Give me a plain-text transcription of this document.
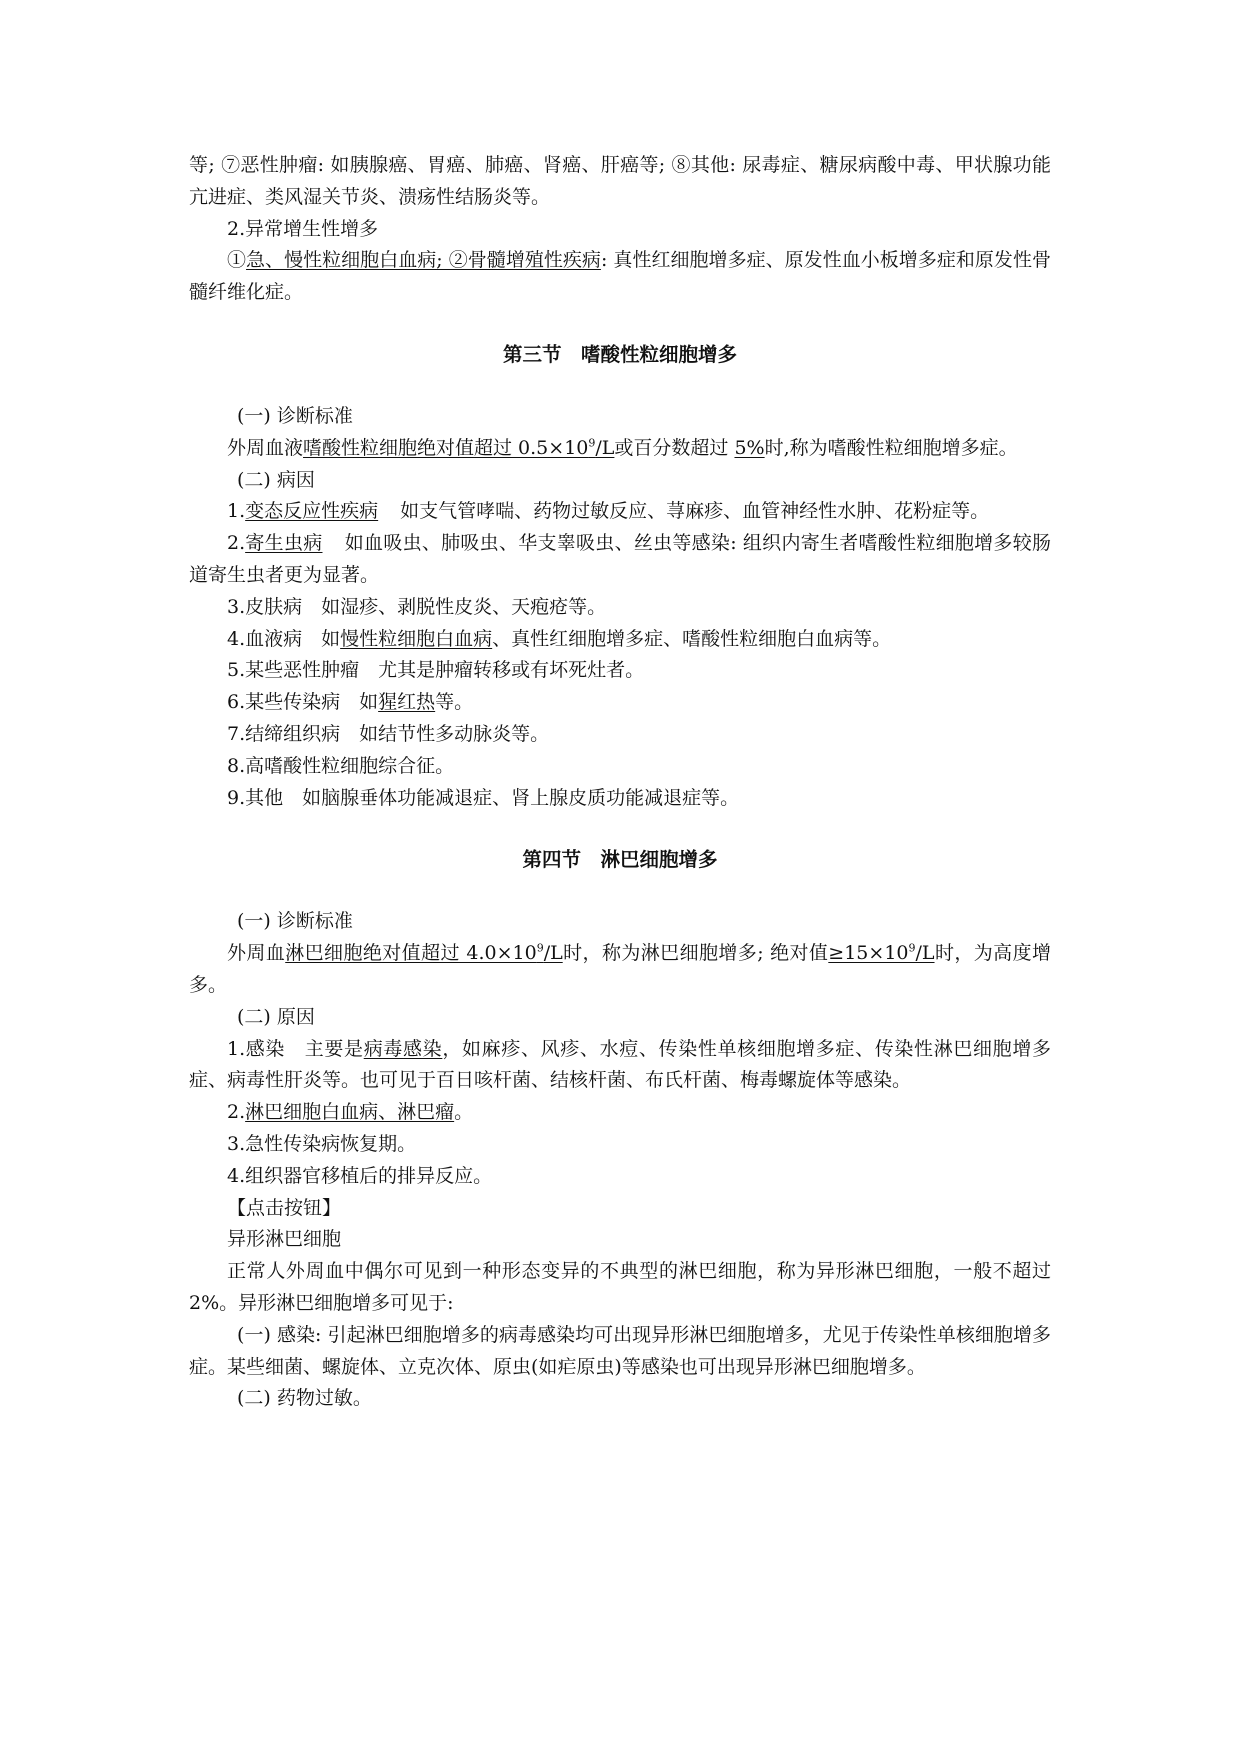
等; ⑦恶性肿瘤: 如胰腺癌、胃癌、肺癌、肾癌、肝癌等; ⑧其他: 尿毒症、糖尿病酸中毒、甲状腺功能亢进症、类风湿关节炎、溃疡性结肠炎等。

2.异常增生性增多

①急、慢性粒细胞白血病; ②骨髓增殖性疾病: 真性红细胞增多症、原发性血小板增多症和原发性骨髓纤维化症。

第三节　嗜酸性粒细胞增多

(一) 诊断标准

外周血液嗜酸性粒细胞绝对值超过 $0.5\times 10^9/L$或百分数超过 5%时,称为嗜酸性粒细胞增多症。

(二) 病因

1.变态反应性疾病 如支气管哮喘、药物过敏反应、荨麻疹、血管神经性水肿、花粉症等。

2.寄生虫病 如血吸虫、肺吸虫、华支睾吸虫、丝虫等感染: 组织内寄生者嗜酸性粒细胞增多较肠道寄生虫者更为显著。

3.皮肤病　如湿疹、剥脱性皮炎、天疱疮等。

4.血液病　如慢性粒细胞白血病、真性红细胞增多症、嗜酸性粒细胞白血病等。

5.某些恶性肿瘤　尤其是肿瘤转移或有坏死灶者。

6.某些传染病　如猩红热等。

7.结缔组织病　如结节性多动脉炎等。

8.高嗜酸性粒细胞综合征。

9.其他　如脑腺垂体功能减退症、肾上腺皮质功能减退症等。

第四节　淋巴细胞增多

(一) 诊断标准

外周血淋巴细胞绝对值超过 $4.0\times 10^9/L$时，称为淋巴细胞增多; 绝对值$\ge 15\times 10^9/L$时，为高度增多。

(二) 原因

1.感染　主要是病毒感染，如麻疹、风疹、水痘、传染性单核细胞增多症、传染性淋巴细胞增多症、病毒性肝炎等。也可见于百日咳杆菌、结核杆菌、布氏杆菌、梅毒螺旋体等感染。

2.淋巴细胞白血病、淋巴瘤。

3.急性传染病恢复期。

4.组织器官移植后的排异反应。

【点击按钮】

异形淋巴细胞

正常人外周血中偶尔可见到一种形态变异的不典型的淋巴细胞，称为异形淋巴细胞，一般不超过 2%。异形淋巴细胞增多可见于:

(一) 感染: 引起淋巴细胞增多的病毒感染均可出现异形淋巴细胞增多，尤见于传染性单核细胞增多症。某些细菌、螺旋体、立克次体、原虫(如疟原虫)等感染也可出现异形淋巴细胞增多。

(二) 药物过敏。
